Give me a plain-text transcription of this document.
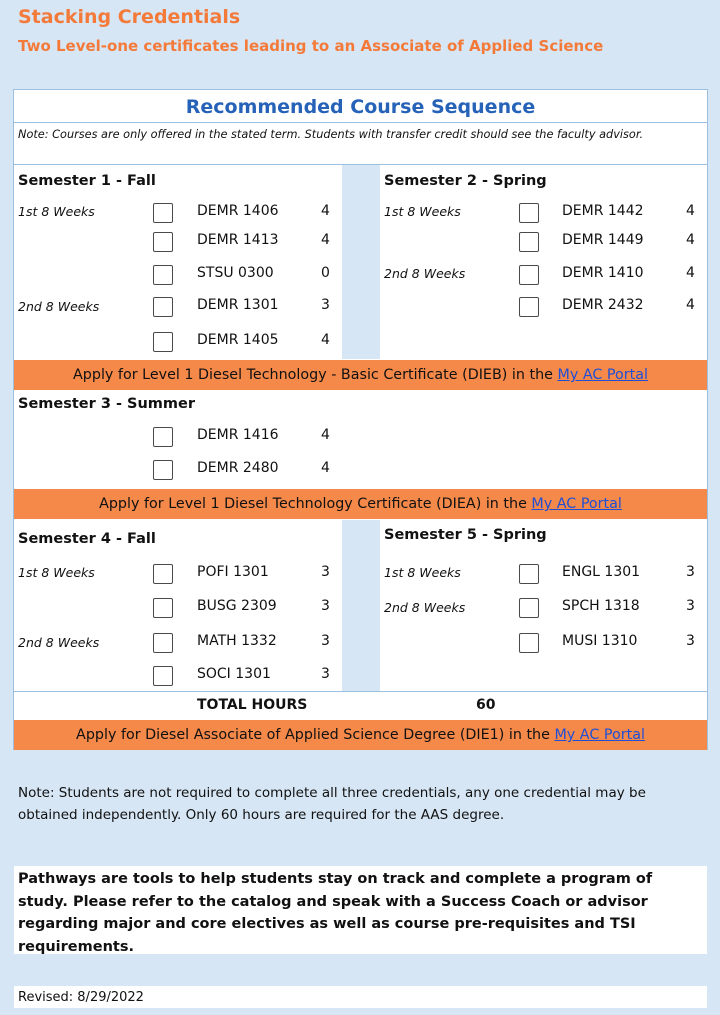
Stacking Credentials
Two Level-one certificates leading to an Associate of Applied Science
Recommended Course Sequence
Note: Courses are only offered in the stated term. Students with transfer credit should see the faculty advisor.
Semester 1 - Fall	Semester 2 - Spring
1st 8 Weeks	DEMR 1406	4
DEMR 1413	4
STSU 0300	0
2nd 8 Weeks	DEMR 1301	3
DEMR 1405	4
1st 8 Weeks	DEMR 1442	4
DEMR 1449	4
2nd 8 Weeks	DEMR 1410	4
DEMR 2432	4
Apply for Level 1 Diesel Technology - Basic Certificate (DIEB) in the My AC Portal
Semester 3 - Summer
DEMR 1416	4
DEMR 2480	4
Apply for Level 1 Diesel Technology Certificate (DIEA) in the My AC Portal
Semester 4 - Fall	Semester 5 - Spring
1st 8 Weeks	POFI 1301	3
BUSG 2309	3
2nd 8 Weeks	MATH 1332	3
SOCI 1301	3
1st 8 Weeks	ENGL 1301	3
2nd 8 Weeks	SPCH 1318	3
MUSI 1310	3
TOTAL HOURS	60
Apply for Diesel Associate of Applied Science Degree (DIE1) in the My AC Portal
Note: Students are not required to complete all three credentials, any one credential may be obtained independently. Only 60 hours are required for the AAS degree.
Pathways are tools to help students stay on track and complete a program of study. Please refer to the catalog and speak with a Success Coach or advisor regarding major and core electives as well as course pre-requisites and TSI requirements.
Revised: 8/29/2022
